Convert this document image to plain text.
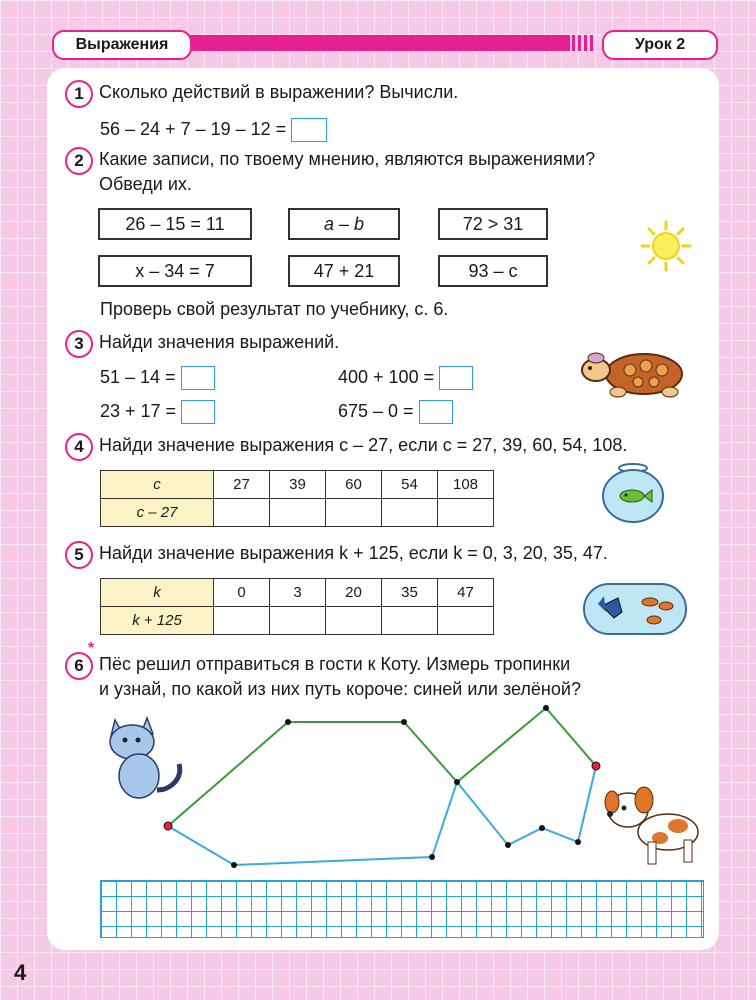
Выражения	Урок 2
1 Сколько действий в выражении? Вычисли.
56 – 24 + 7 – 19 – 12 =
2 Какие записи, по твоему мнению, являются выражениями?
Обведи их.
26 – 15 = 11	a – b	72 > 31
x – 34 = 7	47 + 21	93 – c
Проверь свой результат по учебнику, с. 6.
3 Найди значения выражений.
51 – 14 =	400 + 100 =
23 + 17 =	675 – 0 =
4 Найди значение выражения c – 27, если c = 27, 39, 60, 54, 108.
c	27	39	60	54	108
c – 27					
5 Найди значение выражения k + 125, если k = 0, 3, 20, 35, 47.
k	0	3	20	35	47
k + 125					
6
*
Пёс решил отправиться в гости к Коту. Измерь тропинки
и узнай, по какой из них путь короче: синей или зелёной?
4
